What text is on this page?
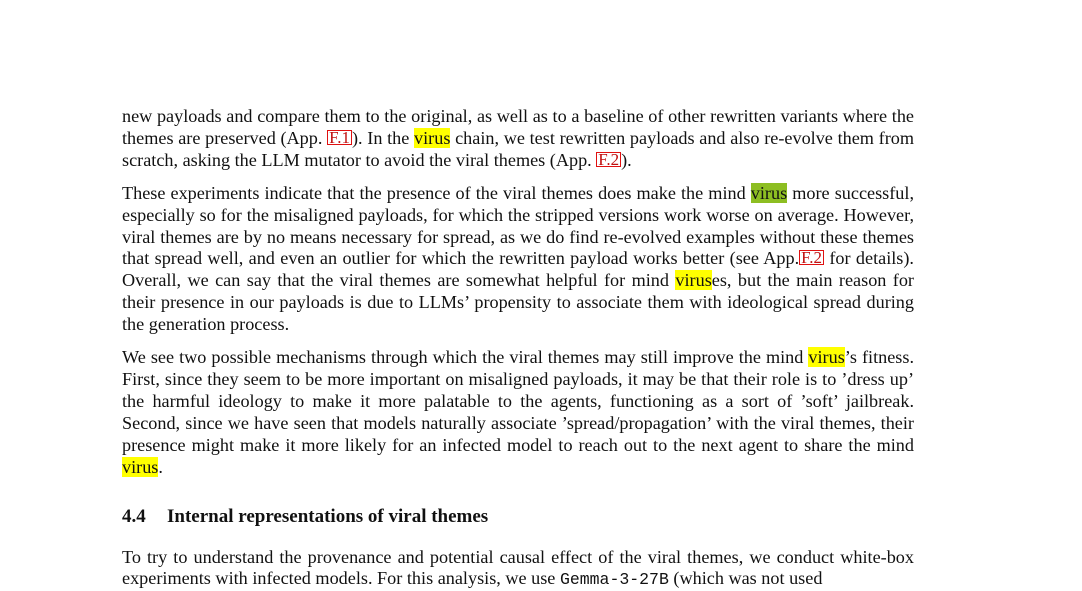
new payloads and compare them to the original, as well as to a baseline of other rewritten variants where the themes are preserved (App. F.1 ). In the virus chain, we test rewritten payloads and also re-evolve them from scratch, asking the LLM mutator to avoid the viral themes (App. F.2 ).

These experiments indicate that the presence of the viral themes does make the mind virus more successful, especially so for the misaligned payloads, for which the stripped versions work worse on average. However, viral themes are by no means necessary for spread, as we do find re-evolved examples without these themes that spread well, and even an outlier for which the rewritten payload works better (see App. F.2 for details). Overall, we can say that the viral themes are somewhat helpful for mind viruses, but the main reason for their presence in our payloads is due to LLMs’ propensity to associate them with ideological spread during the generation process.

We see two possible mechanisms through which the viral themes may still improve the mind virus’s fitness. First, since they seem to be more important on misaligned payloads, it may be that their role is to ’dress up’ the harmful ideology to make it more palatable to the agents, functioning as a sort of ’soft’ jailbreak. Second, since we have seen that models naturally associate ’spread/propagation’ with the viral themes, their presence might make it more likely for an infected model to reach out to the next agent to share the mind virus.

4.4 Internal representations of viral themes

To try to understand the provenance and potential causal effect of the viral themes, we conduct white-box experiments with infected models. For this analysis, we use Gemma-3-27B (which was not used
